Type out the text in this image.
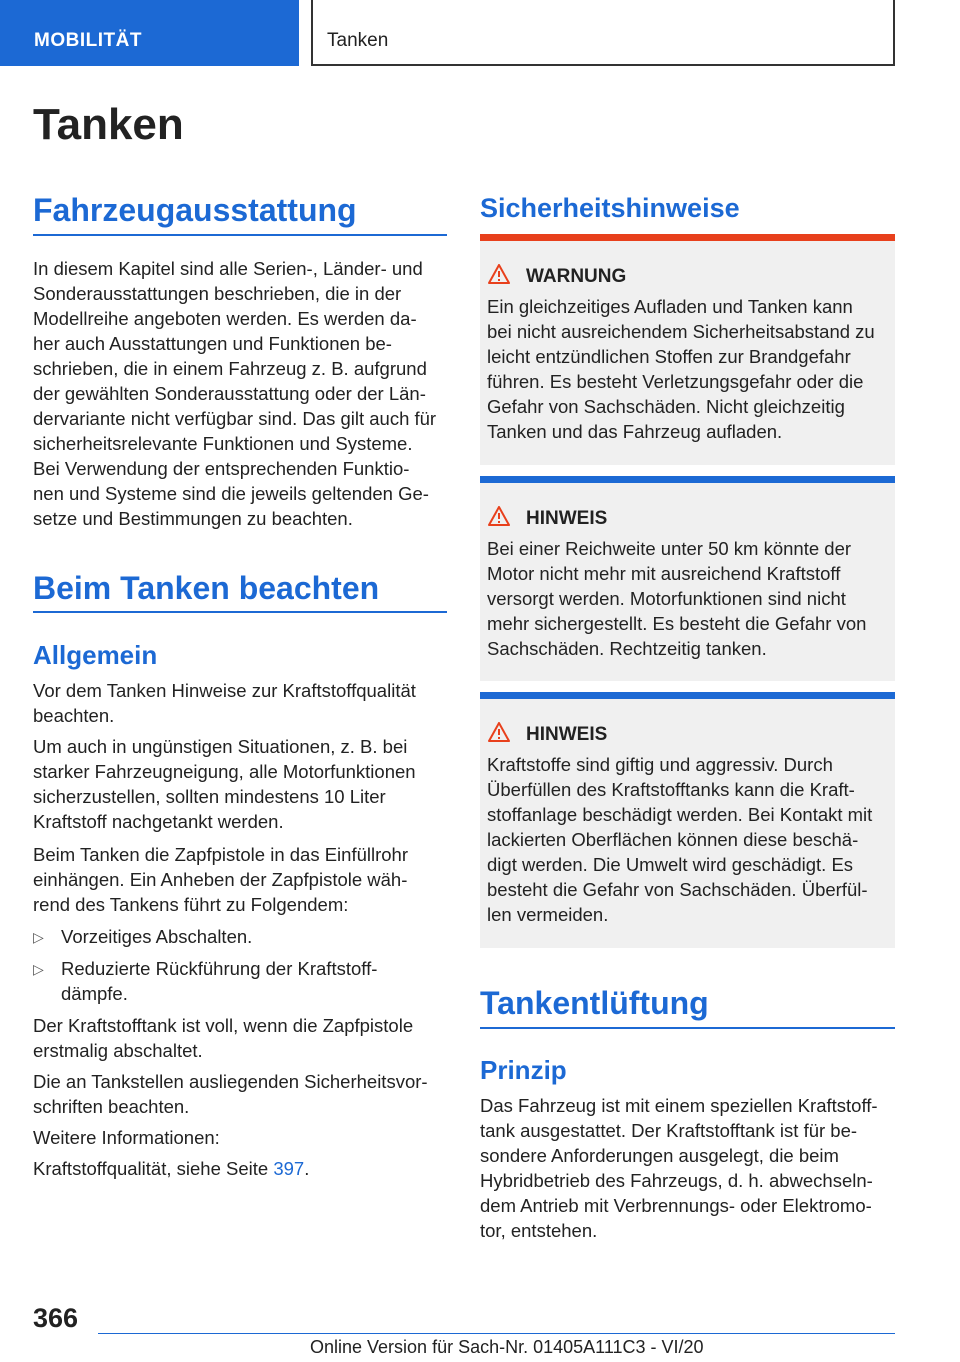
MOBILITÄT	Tanken
Tanken
Fahrzeugausstattung
In diesem Kapitel sind alle Serien-, Länder- und
Sonderausstattungen beschrieben, die in der
Modellreihe angeboten werden. Es werden da-
her auch Ausstattungen und Funktionen be-
schrieben, die in einem Fahrzeug z. B. aufgrund
der gewählten Sonderausstattung oder der Län-
dervariante nicht verfügbar sind. Das gilt auch für
sicherheitsrelevante Funktionen und Systeme.
Bei Verwendung der entsprechenden Funktio-
nen und Systeme sind die jeweils geltenden Ge-
setze und Bestimmungen zu beachten.
Beim Tanken beachten
Allgemein
Vor dem Tanken Hinweise zur Kraftstoffqualität
beachten.
Um auch in ungünstigen Situationen, z. B. bei
starker Fahrzeugneigung, alle Motorfunktionen
sicherzustellen, sollten mindestens 10 Liter
Kraftstoff nachgetankt werden.
Beim Tanken die Zapfpistole in das Einfüllrohr
einhängen. Ein Anheben der Zapfpistole wäh-
rend des Tankens führt zu Folgendem:
▷ Vorzeitiges Abschalten.
▷ Reduzierte Rückführung der Kraftstoff-
dämpfe.
Der Kraftstofftank ist voll, wenn die Zapfpistole
erstmalig abschaltet.
Die an Tankstellen ausliegenden Sicherheitsvor-
schriften beachten.
Weitere Informationen:
Kraftstoffqualität, siehe Seite 397.
Sicherheitshinweise
WARNUNG
Ein gleichzeitiges Aufladen und Tanken kann
bei nicht ausreichendem Sicherheitsabstand zu
leicht entzündlichen Stoffen zur Brandgefahr
führen. Es besteht Verletzungsgefahr oder die
Gefahr von Sachschäden. Nicht gleichzeitig
Tanken und das Fahrzeug aufladen.
HINWEIS
Bei einer Reichweite unter 50 km könnte der
Motor nicht mehr mit ausreichend Kraftstoff
versorgt werden. Motorfunktionen sind nicht
mehr sichergestellt. Es besteht die Gefahr von
Sachschäden. Rechtzeitig tanken.
HINWEIS
Kraftstoffe sind giftig und aggressiv. Durch
Überfüllen des Kraftstofftanks kann die Kraft-
stoffanlage beschädigt werden. Bei Kontakt mit
lackierten Oberflächen können diese beschä-
digt werden. Die Umwelt wird geschädigt. Es
besteht die Gefahr von Sachschäden. Überfül-
len vermeiden.
Tankentlüftung
Prinzip
Das Fahrzeug ist mit einem speziellen Kraftstoff-
tank ausgestattet. Der Kraftstofftank ist für be-
sondere Anforderungen ausgelegt, die beim
Hybridbetrieb des Fahrzeugs, d. h. abwechseln-
dem Antrieb mit Verbrennungs- oder Elektromo-
tor, entstehen.
366
Online Version für Sach-Nr. 01405A111C3 - VI/20
